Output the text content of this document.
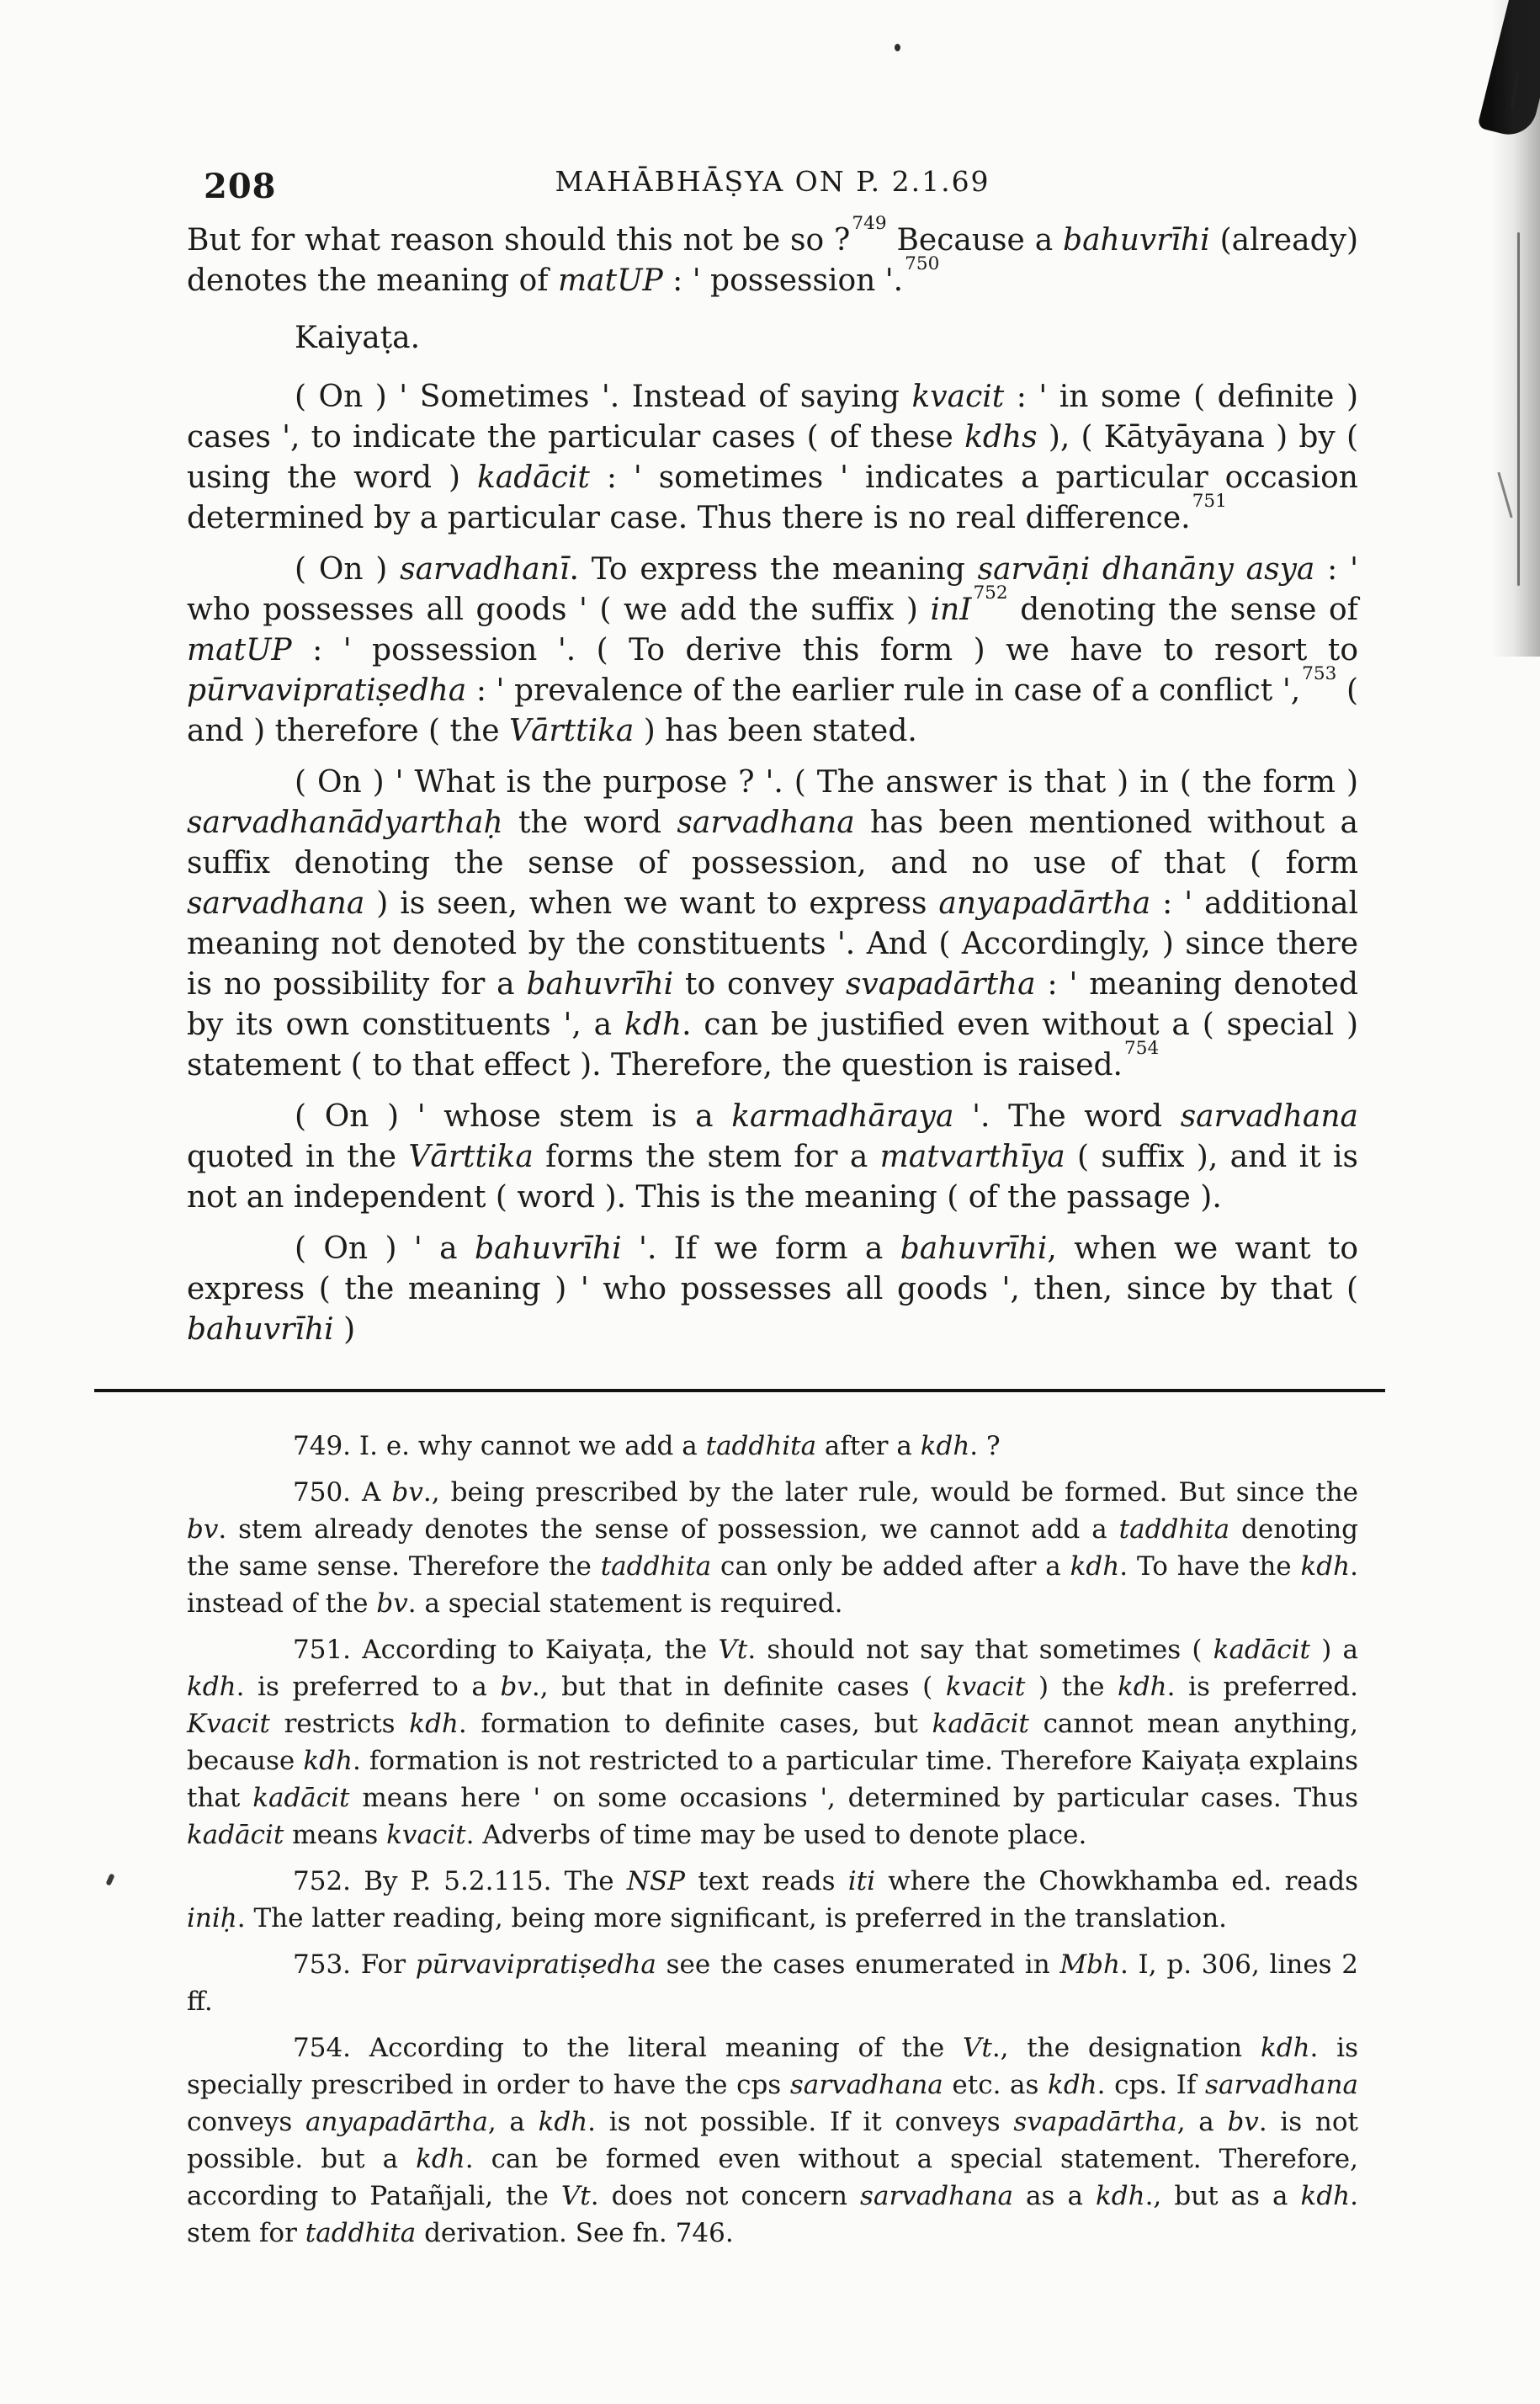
208	MAHĀBHĀṢYA ON P. 2.1.69

But for what reason should this not be so ?$^{749}$ Because a bahuvrīhi (already) denotes the meaning of matUP : ' possession '.$^{750}$

Kaiyaṭa.

( On ) ' Sometimes '. Instead of saying kvacit : ' in some ( definite ) cases ', to indicate the particular cases ( of these kdhs ), ( Kātyāyana ) by ( using the word ) kadācit : ' sometimes ' indicates a particular occasion determined by a particular case. Thus there is no real difference.$^{751}$

( On ) sarvadhanī. To express the meaning sarvāṇi dhanāny asya : ' who possesses all goods ' ( we add the suffix ) inI$^{752}$ denoting the sense of matUP : ' possession '. ( To derive this form ) we have to resort to pūrvavipratiṣedha : ' prevalence of the earlier rule in case of a conflict ',$^{753}$ ( and ) therefore ( the Vārttika ) has been stated.

( On ) ' What is the purpose ? '. ( The answer is that ) in ( the form ) sarvadhanādyarthaḥ the word sarvadhana has been mentioned without a suffix denoting the sense of possession, and no use of that ( form sarvadhana ) is seen, when we want to express anyapadārtha : ' additional meaning not denoted by the constituents '. And ( Accordingly, ) since there is no possibility for a bahuvrīhi to convey svapadārtha : ' meaning denoted by its own constituents ', a kdh. can be justified even without a ( special ) statement ( to that effect ). Therefore, the question is raised.$^{754}$

( On ) ' whose stem is a karmadhāraya '. The word sarvadhana quoted in the Vārttika forms the stem for a matvarthīya ( suffix ), and it is not an independent ( word ). This is the meaning ( of the passage ).

( On ) ' a bahuvrīhi '. If we form a bahuvrīhi, when we want to express ( the meaning ) ' who possesses all goods ', then, since by that ( bahuvrīhi )

749. I. e. why cannot we add a taddhita after a kdh. ?

750. A bv., being prescribed by the later rule, would be formed. But since the bv. stem already denotes the sense of possession, we cannot add a taddhita denoting the same sense. Therefore the taddhita can only be added after a kdh. To have the kdh. instead of the bv. a special statement is required.

751. According to Kaiyaṭa, the Vt. should not say that sometimes ( kadācit ) a kdh. is preferred to a bv., but that in definite cases ( kvacit ) the kdh. is preferred. Kvacit restricts kdh. formation to definite cases, but kadācit cannot mean anything, because kdh. formation is not restricted to a particular time. Therefore Kaiyaṭa explains that kadācit means here ' on some occasions ', determined by particular cases. Thus kadācit means kvacit. Adverbs of time may be used to denote place.

752. By P. 5.2.115. The NSP text reads iti where the Chowkhamba ed. reads iniḥ. The latter reading, being more significant, is preferred in the translation.

753. For pūrvavipratiṣedha see the cases enumerated in Mbh. I, p. 306, lines 2 ff.

754. According to the literal meaning of the Vt., the designation kdh. is specially prescribed in order to have the cps sarvadhana etc. as kdh. cps. If sarvadhana conveys anyapadārtha, a kdh. is not possible. If it conveys svapadārtha, a bv. is not possible. but a kdh. can be formed even without a special statement. Therefore, according to Patañjali, the Vt. does not concern sarvadhana as a kdh., but as a kdh. stem for taddhita derivation. See fn. 746.
